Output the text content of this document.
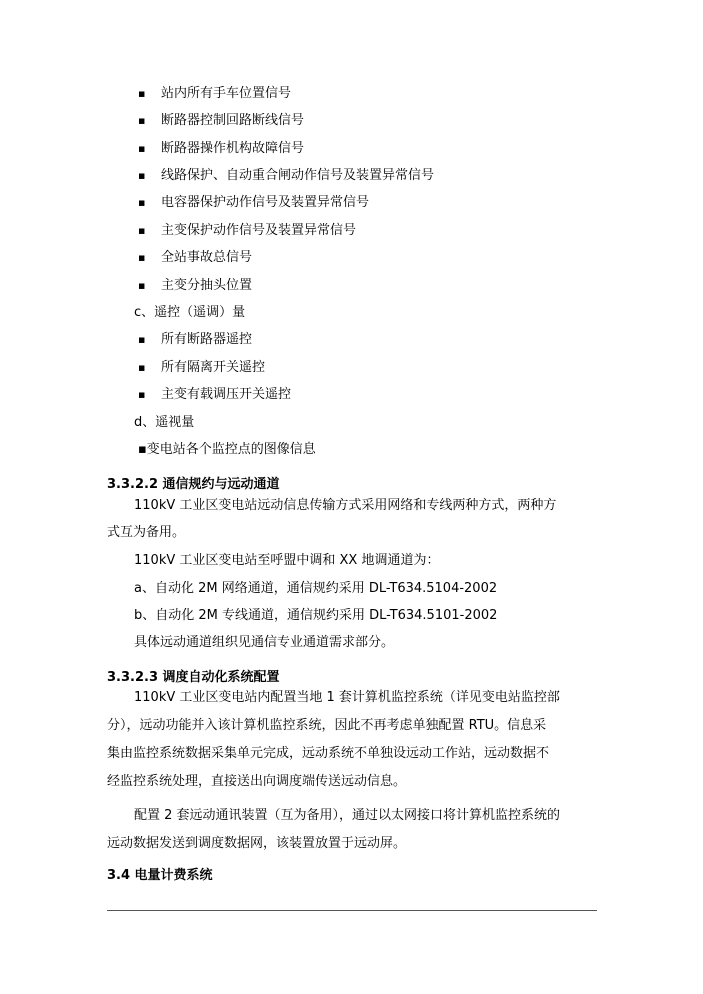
▪ 站内所有手车位置信号
▪ 断路器控制回路断线信号
▪ 断路器操作机构故障信号
▪ 线路保护、自动重合闸动作信号及装置异常信号
▪ 电容器保护动作信号及装置异常信号
▪ 主变保护动作信号及装置异常信号
▪ 全站事故总信号
▪ 主变分抽头位置
c、遥控（遥调）量
▪ 所有断路器遥控
▪ 所有隔离开关遥控
▪ 主变有载调压开关遥控
d、遥视量
▪变电站各个监控点的图像信息
3.3.2.2 通信规约与远动通道
110kV 工业区变电站远动信息传输方式采用网络和专线两种方式，两种方
式互为备用。
110kV 工业区变电站至呼盟中调和 XX 地调通道为：
a、自动化 2M 网络通道，通信规约采用 DL-T634.5104-2002
b、自动化 2M 专线通道，通信规约采用 DL-T634.5101-2002
具体远动通道组织见通信专业通道需求部分。
3.3.2.3 调度自动化系统配置
110kV 工业区变电站内配置当地 1 套计算机监控系统（详见变电站监控部
分），远动功能并入该计算机监控系统，因此不再考虑单独配置 RTU。信息采
集由监控系统数据采集单元完成，远动系统不单独设远动工作站，远动数据不
经监控系统处理，直接送出向调度端传送远动信息。
配置 2 套远动通讯装置（互为备用），通过以太网接口将计算机监控系统的
远动数据发送到调度数据网，该装置放置于远动屏。
3.4 电量计费系统
